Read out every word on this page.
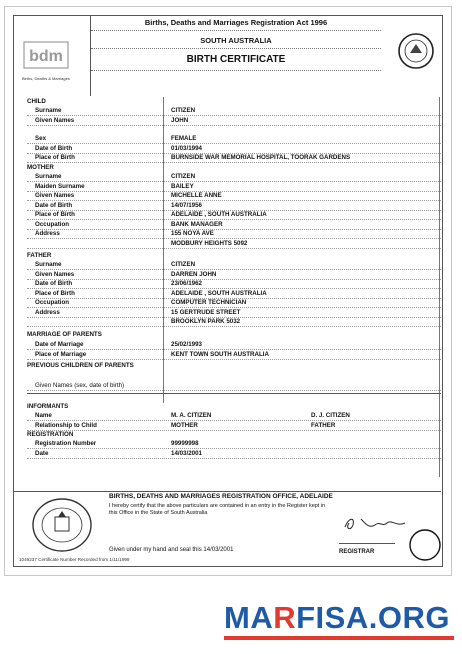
bdm
Births, Deaths & Marriages
Births, Deaths and Marriages Registration Act 1996
SOUTH AUSTRALIA
BIRTH CERTIFICATE
CHILD
Surname	CITIZEN
Given Names	JOHN
Sex	FEMALE
Date of Birth	01/03/1994
Place of Birth	BURNSIDE WAR MEMORIAL HOSPITAL, TOORAK GARDENS
MOTHER
Surname	CITIZEN
Maiden Surname	BAILEY
Given Names	MICHELLE ANNE
Date of Birth	14/07/1956
Place of Birth	ADELAIDE , SOUTH AUSTRALIA
Occupation	BANK MANAGER
Address	155 NOYA AVE
MODBURY HEIGHTS 5092
FATHER
Surname	CITIZEN
Given Names	DARREN JOHN
Date of Birth	23/06/1962
Place of Birth	ADELAIDE , SOUTH AUSTRALIA
Occupation	COMPUTER TECHNICIAN
Address	15 GERTRUDE STREET
BROOKLYN PARK 5032
MARRIAGE OF PARENTS
Date of Marriage	25/02/1993
Place of Marriage	KENT TOWN SOUTH AUSTRALIA
PREVIOUS CHILDREN OF PARENTS
Given Names (sex, date of birth)
INFORMANTS
Name	M. A. CITIZEN	D. J. CITIZEN
Relationship to Child	MOTHER	FATHER
REGISTRATION
Registration Number	99999998
Date	14/03/2001
BIRTHS, DEATHS AND MARRIAGES REGISTRATION OFFICE, ADELAIDE
I hereby certify that the above particulars are contained in an entry in the Register kept in this Office in the State of South Australia
Given under my hand and seal this 14/03/2001	REGISTRAR
1049237 Certificate Number Recorded from 1/11/1999
MARFISA.ORG
